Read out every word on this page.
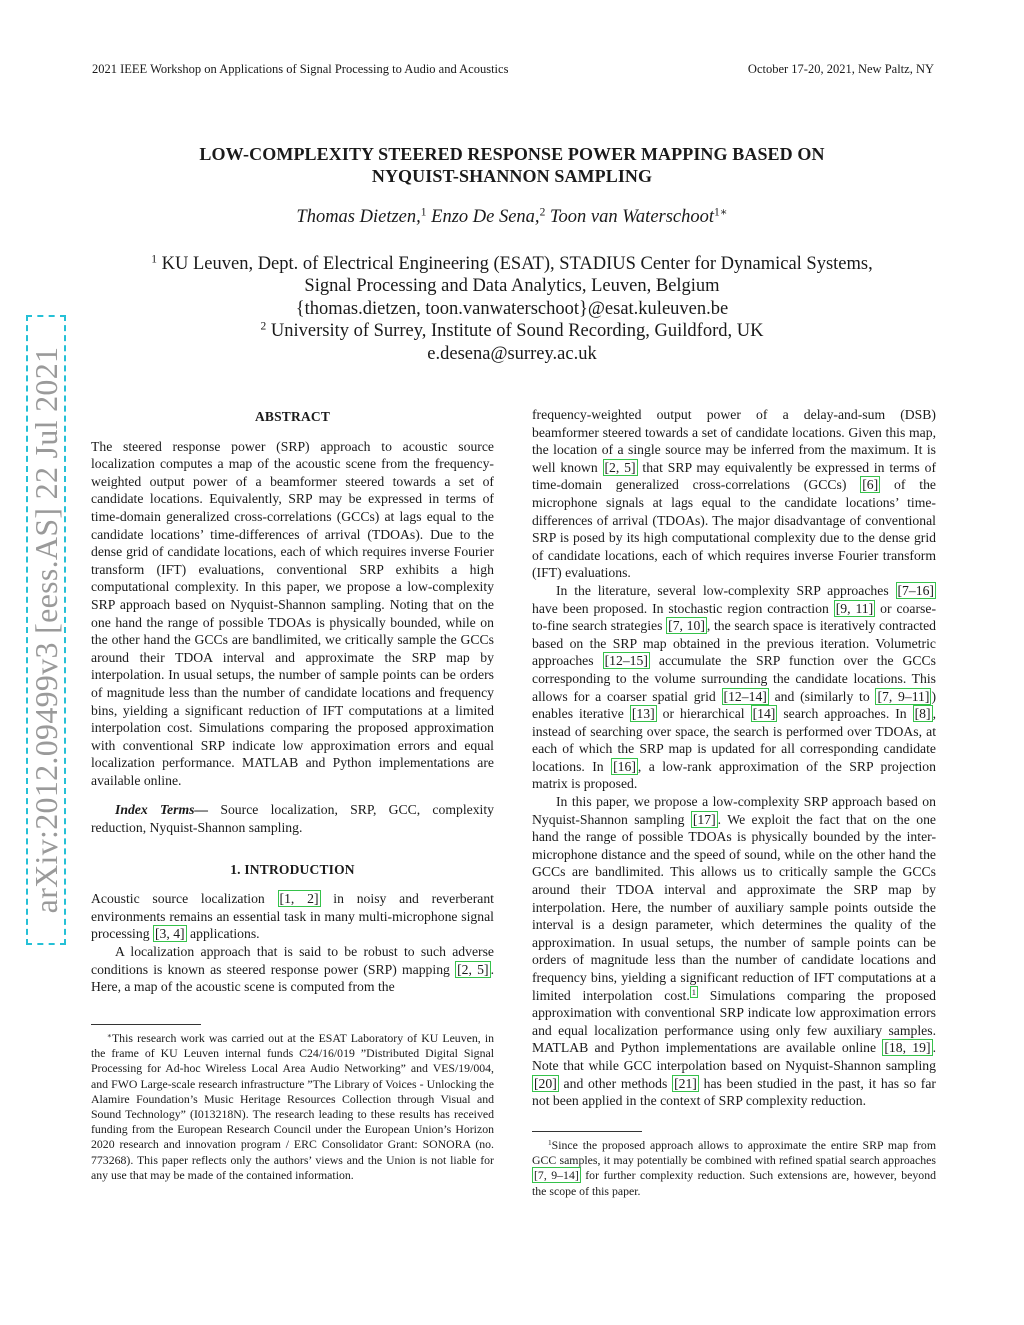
2021 IEEE Workshop on Applications of Signal Processing to Audio and Acoustics	October 17-20, 2021, New Paltz, NY
LOW-COMPLEXITY STEERED RESPONSE POWER MAPPING BASED ON
NYQUIST-SHANNON SAMPLING
Thomas Dietzen,$^1$ Enzo De Sena,$^2$ Toon van Waterschoot$^{1∗}$
$^1$ KU Leuven, Dept. of Electrical Engineering (ESAT), STADIUS Center for Dynamical Systems,
Signal Processing and Data Analytics, Leuven, Belgium
{thomas.dietzen, toon.vanwaterschoot}@esat.kuleuven.be
$^2$ University of Surrey, Institute of Sound Recording, Guildford, UK
e.desena@surrey.ac.uk
arXiv:2012.09499v3 [eess.AS] 22 Jul 2021	ABSTRACT

The steered response power (SRP) approach to acoustic source localization computes a map of the acoustic scene from the frequency-weighted output power of a beamformer steered towards a set of candidate locations. Equivalently, SRP may be expressed in terms of time-domain generalized cross-correlations (GCCs) at lags equal to the candidate locations’ time-differences of arrival (TDOAs). Due to the dense grid of candidate locations, each of which requires inverse Fourier transform (IFT) evaluations, conventional SRP exhibits a high computational complexity. In this paper, we propose a low-complexity SRP approach based on Nyquist-Shannon sampling. Noting that on the one hand the range of possible TDOAs is physically bounded, while on the other hand the GCCs are bandlimited, we critically sample the GCCs around their TDOA interval and approximate the SRP map by interpolation. In usual setups, the number of sample points can be orders of magnitude less than the number of candidate locations and frequency bins, yielding a significant reduction of IFT computations at a limited interpolation cost. Simulations comparing the proposed approximation with conventional SRP indicate low approximation errors and equal localization performance. MATLAB and Python implementations are available online.

Index Terms— Source localization, SRP, GCC, complexity reduction, Nyquist-Shannon sampling.

1. INTRODUCTION

Acoustic source localization [1, 2] in noisy and reverberant environments remains an essential task in many multi-microphone signal processing [3, 4] applications.

A localization approach that is said to be robust to such adverse conditions is known as steered response power (SRP) mapping [2, 5] . Here, a map of the acoustic scene is computed from the

frequency-weighted output power of a delay-and-sum (DSB) beamformer steered towards a set of candidate locations. Given this map, the location of a single source may be inferred from the maximum. It is well known [2, 5] that SRP may equivalently be expressed in terms of time-domain generalized cross-correlations (GCCs) [6] of the microphone signals at lags equal to the candidate locations’ time-differences of arrival (TDOAs). The major disadvantage of conventional SRP is posed by its high computational complexity due to the dense grid of candidate locations, each of which requires inverse Fourier transform (IFT) evaluations.

In the literature, several low-complexity SRP approaches [7–16] have been proposed. In stochastic region contraction [9, 11] or coarse-to-fine search strategies [7, 10] , the search space is iteratively contracted based on the SRP map obtained in the previous iteration. Volumetric approaches [12–15] accumulate the SRP function over the GCCs corresponding to the volume surrounding the candidate locations. This allows for a coarser spatial grid [12–14] and (similarly to [7, 9–11] ) enables iterative [13] or hierarchical [14] search approaches. In [8] , instead of searching over space, the search is performed over TDOAs, at each of which the SRP map is updated for all corresponding candidate locations. In [16] , a low-rank approximation of the SRP projection matrix is proposed.

In this paper, we propose a low-complexity SRP approach based on Nyquist-Shannon sampling [17] . We exploit the fact that on the one hand the range of possible TDOAs is physically bounded by the inter-microphone distance and the speed of sound, while on the other hand the GCCs are bandlimited. This allows us to critically sample the GCCs around their TDOA interval and approximate the SRP map by interpolation. Here, the number of auxiliary sample points outside the interval is a design parameter, which determines the quality of the approximation. In usual setups, the number of sample points can be orders of magnitude less than the number of candidate locations and frequency bins, yielding a significant reduction of IFT computations at a limited interpolation cost. $^1$ Simulations comparing the proposed approximation with conventional SRP indicate low approximation errors and equal localization performance using only few auxiliary samples. MATLAB and Python implementations are available online [18, 19] . Note that while GCC interpolation based on Nyquist-Shannon sampling [20] and other methods [21] has been studied in the past, it has so far not been applied in the context of SRP complexity reduction.

∗This research work was carried out at the ESAT Laboratory of KU Leuven, in the frame of KU Leuven internal funds C24/16/019 ”Distributed Digital Signal Processing for Ad-hoc Wireless Local Area Audio Networking” and VES/19/004, and FWO Large-scale research infrastructure ”The Library of Voices - Unlocking the Alamire Foundation’s Music Heritage Resources Collection through Visual and Sound Technology” (I013218N). The research leading to these results has received funding from the European Research Council under the European Union’s Horizon 2020 research and innovation program / ERC Consolidator Grant: SONORA (no. 773268). This paper reflects only the authors’ views and the Union is not liable for any use that may be made of the contained information.

$^1$Since the proposed approach allows to approximate the entire SRP map from GCC samples, it may potentially be combined with refined spatial search approaches [7, 9–14] for further complexity reduction. Such extensions are, however, beyond the scope of this paper.
